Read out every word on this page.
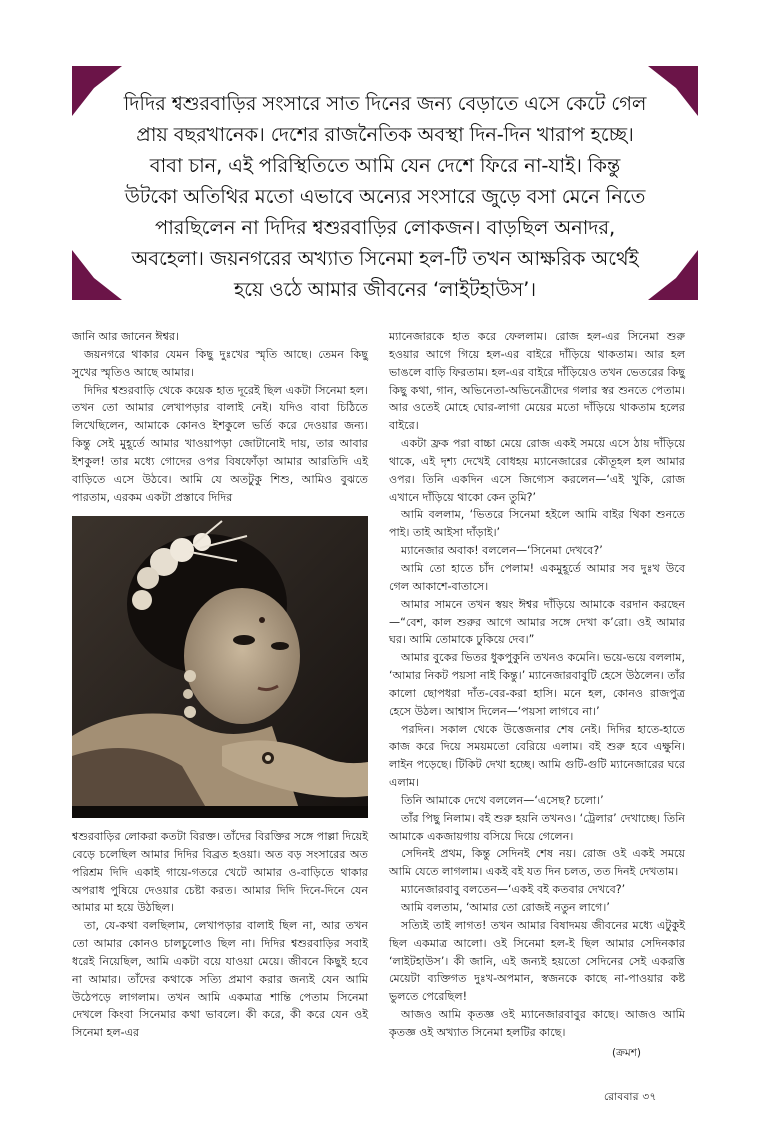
দিদির শ্বশুরবাড়ির সংসারে সাত দিনের জন্য বেড়াতে এসে কেটে গেল
প্রায় বছরখানেক। দেশের রাজনৈতিক অবস্থা দিন-দিন খারাপ হচ্ছে।
বাবা চান, এই পরিস্থিতিতে আমি যেন দেশে ফিরে না-যাই। কিন্তু
উটকো অতিথির মতো এভাবে অন্যের সংসারে জুড়ে বসা মেনে নিতে
পারছিলেন না দিদির শ্বশুরবাড়ির লোকজন। বাড়ছিল অনাদর,
অবহেলা। জয়নগরের অখ্যাত সিনেমা হল-টি তখন আক্ষরিক অর্থেই
হয়ে ওঠে আমার জীবনের ‘লাইটহাউস’।

জানি আর জানেন ঈশ্বর।

জয়নগরে থাকার যেমন কিছু দুঃখের স্মৃতি আছে। তেমন কিছু সুখের স্মৃতিও আছে আমার।

দিদির শ্বশুরবাড়ি থেকে কয়েক হাত দূরেই ছিল একটা সিনেমা হল। তখন তো আমার লেখাপড়ার বালাই নেই। যদিও বাবা চিঠিতে লিখেছিলেন, আমাকে কোনও ইশকুলে ভর্তি করে দেওয়ার জন্য। কিন্তু সেই মুহূর্তে আমার খাওয়াপড়া জোটানোই দায়, তার আবার ইশকুল! তার মধ্যে গোদের ওপর বিষফোঁড়া আমার আরতিদি এই বাড়িতে এসে উঠবে। আমি যে অতটুকু শিশু, আমিও বুঝতে পারতাম, এরকম একটা প্রস্তাবে দিদির

শ্বশুরবাড়ির লোকরা কতটা বিরক্ত। তাঁদের বিরক্তির সঙ্গে পাল্লা দিয়েই বেড়ে চলেছিল আমার দিদির বিব্রত হওয়া। অত বড় সংসারের অত পরিশ্রম দিদি একাই গায়ে-গতরে খেটে আমার ও-বাড়িতে থাকার অপরাধ পুষিয়ে দেওয়ার চেষ্টা করত। আমার দিদি দিনে-দিনে যেন আমার মা হয়ে উঠছিল।

তা, যে-কথা বলছিলাম, লেখাপড়ার বালাই ছিল না, আর তখন তো আমার কোনও চালচুলোও ছিল না। দিদির শ্বশুরবাড়ির সবাই ধরেই নিয়েছিল, আমি একটা বয়ে যাওয়া মেয়ে। জীবনে কিছুই হবে না আমার। তাঁদের কথাকে সত্যি প্রমাণ করার জন্যই যেন আমি উঠেপড়ে লাগলাম। তখন আমি একমাত্র শান্তি পেতাম সিনেমা দেখলে কিংবা সিনেমার কথা ভাবলে। কী করে, কী করে যেন ওই সিনেমা হল-এর

ম্যানেজারকে হাত করে ফেললাম। রোজ হল-এর সিনেমা শুরু হওয়ার আগে গিয়ে হল-এর বাইরে দাঁড়িয়ে থাকতাম। আর হল ভাঙলে বাড়ি ফিরতাম। হল-এর বাইরে দাঁড়িয়েও তখন ভেতরের কিছু কিছু কথা, গান, অভিনেতা-অভিনেত্রীদের গলার স্বর শুনতে পেতাম। আর ওতেই মোহে ঘোর-লাগা মেয়ের মতো দাঁড়িয়ে থাকতাম হলের বাইরে।

একটা ফ্রক পরা বাচ্চা মেয়ে রোজ একই সময়ে এসে ঠায় দাঁড়িয়ে থাকে, এই দৃশ্য দেখেই বোধহয় ম্যানেজারের কৌতূহল হল আমার ওপর। তিনি একদিন এসে জিগ্যেস করলেন—‘এই খুকি, রোজ এখানে দাঁড়িয়ে থাকো কেন তুমি?’

আমি বললাম, ‘ভিতরে সিনেমা হইলে আমি বাইর থিকা শুনতে পাই। তাই আইসা দাঁড়াই।’

ম্যানেজার অবাক! বললেন—‘সিনেমা দেখবে?’

আমি তো হাতে চাঁদ পেলাম! একমুহূর্তে আমার সব দুঃখ উবে গেল আকাশে-বাতাসে।

আমার সামনে তখন স্বয়ং ঈশ্বর দাঁড়িয়ে আমাকে বরদান করছেন—“বেশ, কাল শুরুর আগে আমার সঙ্গে দেখা ক’রো। ওই আমার ঘর। আমি তোমাকে ঢুকিয়ে দেব।”

আমার বুকের ভিতর ধুকপুকুনি তখনও কমেনি। ভয়ে-ভয়ে বললাম, ‘আমার নিকট পয়সা নাই কিন্তু।’ ম্যানেজারবাবুটি হেসে উঠলেন। তাঁর কালো ছোপধরা দাঁত-বের-করা হাসি। মনে হল, কোনও রাজপুত্র হেসে উঠল। আশ্বাস দিলেন—‘পয়সা লাগবে না।’

পরদিন। সকাল থেকে উত্তেজনার শেষ নেই। দিদির হাতে-হাতে কাজ করে দিয়ে সময়মতো বেরিয়ে এলাম। বই শুরু হবে এক্ষুনি। লাইন পড়েছে। টিকিট দেখা হচ্ছে। আমি গুটি-গুটি ম্যানেজারের ঘরে এলাম।

তিনি আমাকে দেখে বললেন—‘এসেছ? চলো।’

তাঁর পিছু নিলাম। বই শুরু হয়নি তখনও। ‘ট্রেলার’ দেখাচ্ছে। তিনি আমাকে একজায়গায় বসিয়ে দিয়ে গেলেন।

সেদিনই প্রথম, কিন্তু সেদিনই শেষ নয়। রোজ ওই একই সময়ে আমি যেতে লাগলাম। একই বই যত দিন চলত, তত দিনই দেখতাম।

ম্যানেজারবাবু বলতেন—‘একই বই কতবার দেখবে?’

আমি বলতাম, ‘আমার তো রোজই নতুন লাগে।’

সত্যিই তাই লাগত! তখন আমার বিষাদময় জীবনের মধ্যে এটুকুই ছিল একমাত্র আলো। ওই সিনেমা হল-ই ছিল আমার সেদিনকার ‘লাইটহাউস’। কী জানি, এই জন্যই হয়তো সেদিনের সেই একরত্তি মেয়েটা ব্যক্তিগত দুঃখ-অপমান, স্বজনকে কাছে না-পাওয়ার কষ্ট ভুলতে পেরেছিল!

আজও আমি কৃতজ্ঞ ওই ম্যানেজারবাবুর কাছে। আজও আমি কৃতজ্ঞ ওই অখ্যাত সিনেমা হলটির কাছে।

(ক্রমশ)
রোববার ৩৭
